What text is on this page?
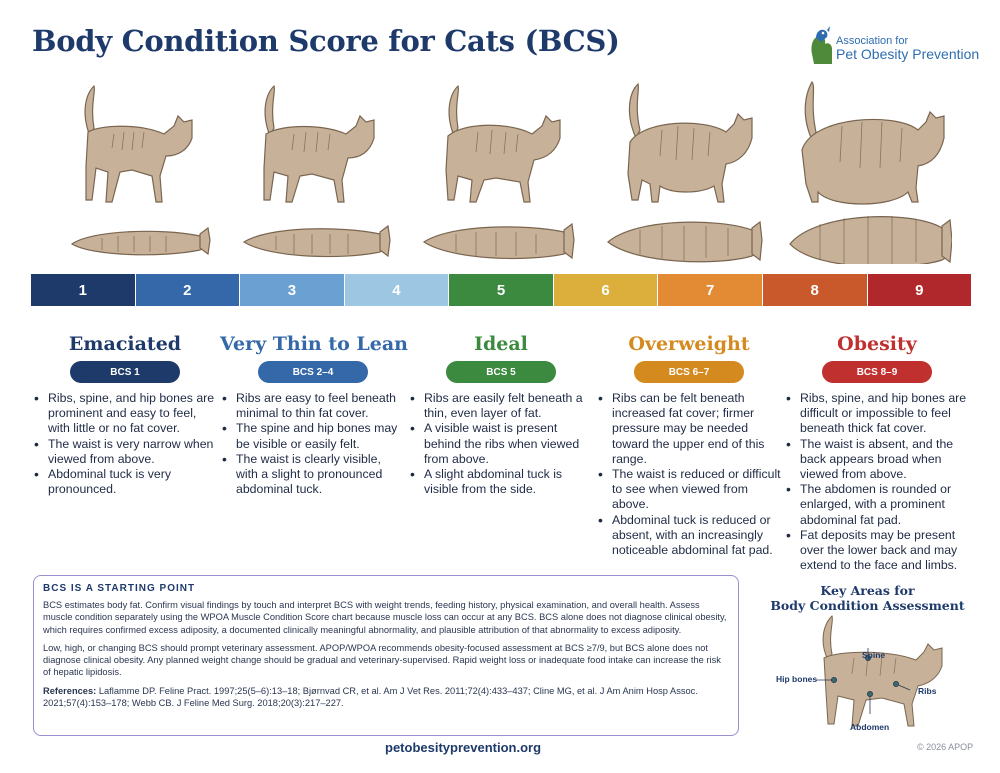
Body Condition Score for Cats (BCS)	Association for
Pet Obesity Prevention
1	2	3	4	5	6	7	8	9
Emaciated
BCS 1
• Ribs, spine, and hip bones are prominent and easy to feel, with little or no fat cover.
• The waist is very narrow when viewed from above.
• Abdominal tuck is very pronounced.
Very Thin to Lean
BCS 2–4
• Ribs are easy to feel beneath minimal to thin fat cover.
• The spine and hip bones may be visible or easily felt.
• The waist is clearly visible, with a slight to pronounced abdominal tuck.
Ideal
BCS 5
• Ribs are easily felt beneath a thin, even layer of fat.
• A visible waist is present behind the ribs when viewed from above.
• A slight abdominal tuck is visible from the side.
Overweight
BCS 6–7
• Ribs can be felt beneath increased fat cover; firmer pressure may be needed toward the upper end of this range.
• The waist is reduced or difficult to see when viewed from above.
• Abdominal tuck is reduced or absent, with an increasingly noticeable abdominal fat pad.
Obesity
BCS 8–9
• Ribs, spine, and hip bones are difficult or impossible to feel beneath thick fat cover.
• The waist is absent, and the back appears broad when viewed from above.
• The abdomen is rounded or enlarged, with a prominent abdominal fat pad.
• Fat deposits may be present over the lower back and may extend to the face and limbs.
BCS IS A STARTING POINT
BCS estimates body fat. Confirm visual findings by touch and interpret BCS with weight trends, feeding history, physical examination, and overall health. Assess muscle condition separately using the WPOA Muscle Condition Score chart because muscle loss can occur at any BCS. BCS alone does not diagnose clinical obesity, which requires confirmed excess adiposity, a documented clinically meaningful abnormality, and plausible attribution of that abnormality to excess adiposity.
Low, high, or changing BCS should prompt veterinary assessment. APOP/WPOA recommends obesity-focused assessment at BCS ≥7/9, but BCS alone does not diagnose clinical obesity. Any planned weight change should be gradual and veterinary-supervised. Rapid weight loss or inadequate food intake can increase the risk of hepatic lipidosis.
References: Laflamme DP. Feline Pract. 1997;25(5–6):13–18; Bjørnvad CR, et al. Am J Vet Res. 2011;72(4):433–437; Cline MG, et al. J Am Anim Hosp Assoc. 2021;57(4):153–178; Webb CB. J Feline Med Surg. 2018;20(3):217–227.
Key Areas for
Body Condition Assessment
Spine
Hip bones
Ribs
Abdomen
petobesityprevention.org	© 2026 APOP
